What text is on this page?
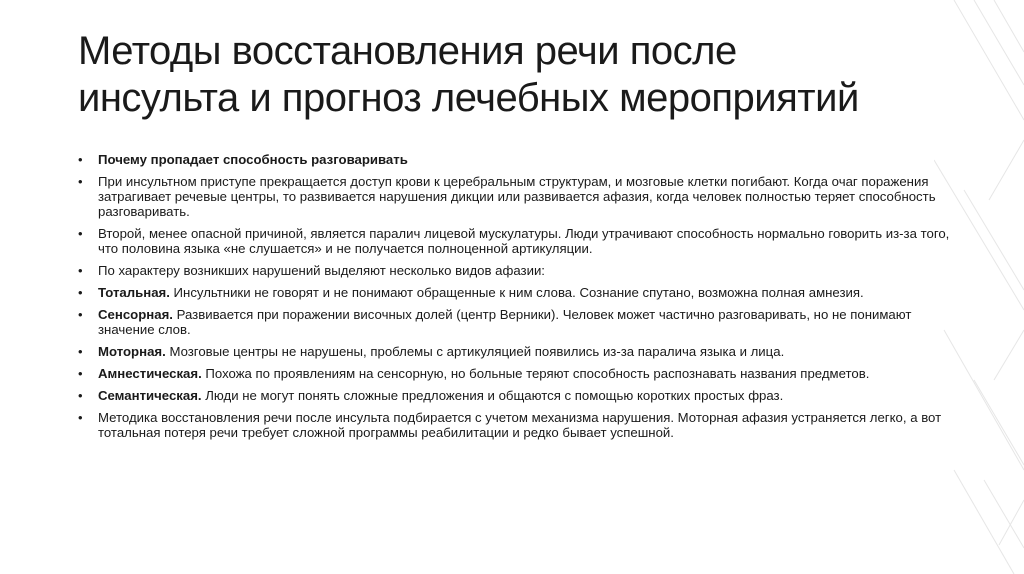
Методы восстановления речи после
инсульта и прогноз лечебных мероприятий
• Почему пропадает способность разговаривать
• При инсультном приступе прекращается доступ крови к церебральным структурам, и мозговые клетки погибают. Когда очаг поражения затрагивает речевые центры, то развивается нарушения дикции или развивается афазия, когда человек полностью теряет способность разговаривать.
• Второй, менее опасной причиной, является паралич лицевой мускулатуры. Люди утрачивают способность нормально говорить из-за того, что половина языка «не слушается» и не получается полноценной артикуляции.
• По характеру возникших нарушений выделяют несколько видов афазии:
• Тотальная. Инсультники не говорят и не понимают обращенные к ним слова. Сознание спутано, возможна полная амнезия.
• Сенсорная. Развивается при поражении височных долей (центр Верники). Человек может частично разговаривать, но не понимают значение слов.
• Моторная. Мозговые центры не нарушены, проблемы с артикуляцией появились из-за паралича языка и лица.
• Амнестическая. Похожа по проявлениям на сенсорную, но больные теряют способность распознавать названия предметов.
• Семантическая. Люди не могут понять сложные предложения и общаются с помощью коротких простых фраз.
• Методика восстановления речи после инсульта подбирается с учетом механизма нарушения. Моторная афазия устраняется легко, а вот тотальная потеря речи требует сложной программы реабилитации и редко бывает успешной.
